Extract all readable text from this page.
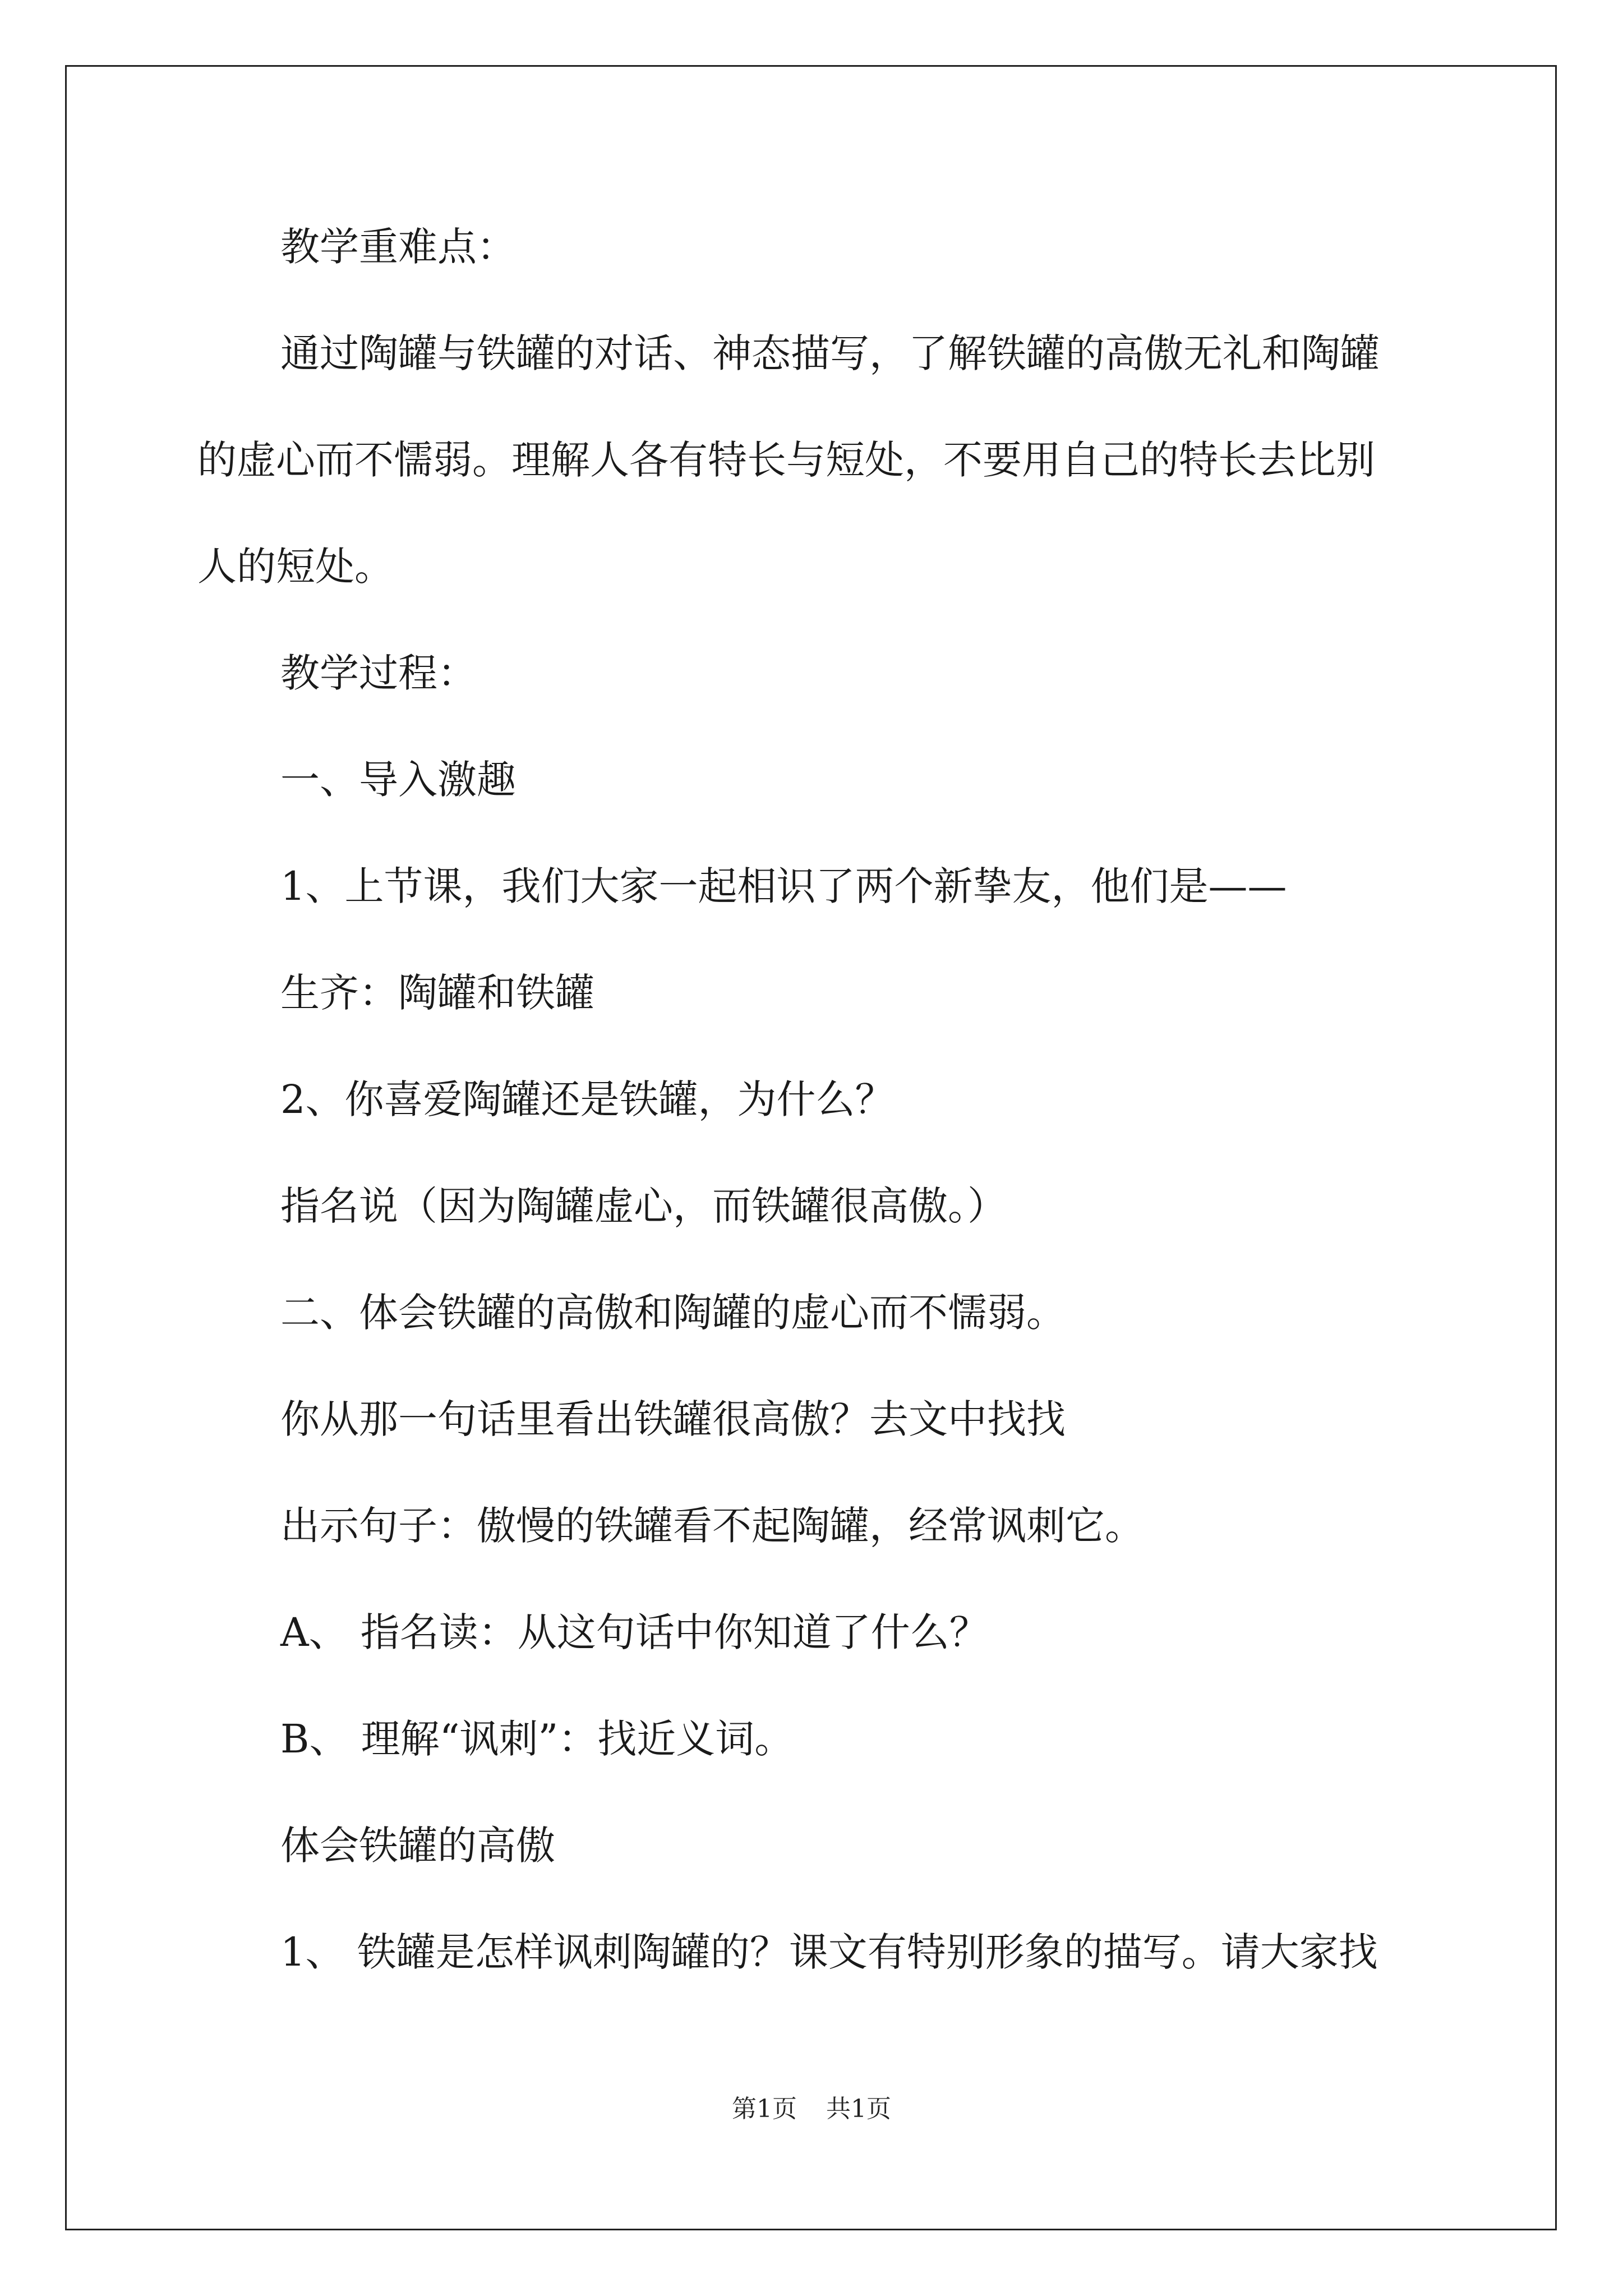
教学重难点：
通过陶罐与铁罐的对话、神态描写，了解铁罐的高傲无礼和陶罐
的虚心而不懦弱。理解人各有特长与短处，不要用自己的特长去比别
人的短处。
教学过程：
一、导入激趣
1、上节课，我们大家一起相识了两个新挚友，他们是——
生齐：陶罐和铁罐
2、你喜爱陶罐还是铁罐，为什么？
指名说（因为陶罐虚心，而铁罐很高傲。）
二、体会铁罐的高傲和陶罐的虚心而不懦弱。
你从那一句话里看出铁罐很高傲？去文中找找
出示句子：傲慢的铁罐看不起陶罐，经常讽刺它。
A、 指名读：从这句话中你知道了什么？
B、 理解“讽刺”：找近义词。
体会铁罐的高傲
1、 铁罐是怎样讽刺陶罐的？课文有特别形象的描写。请大家找
第1页 共1页
